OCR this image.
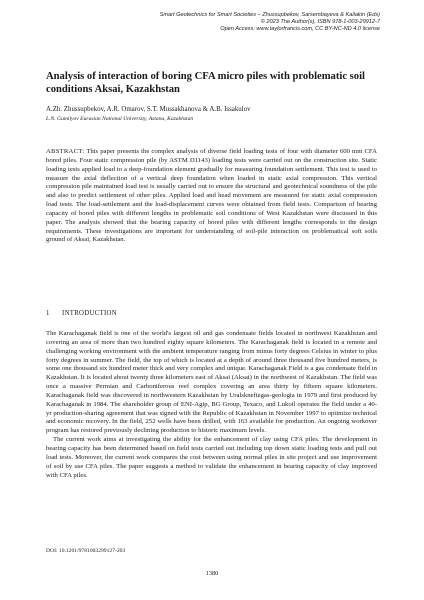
Smart Geotechnics for Smart Societies – Zhussupbekov, Sarsembayeva & Kaliakin (Eds)
© 2023 The Author(s), ISBN 978-1-003-29912-7
Open Access: www.taylorfrancis.com, CC BY-NC-ND 4.0 license
Analysis of interaction of boring CFA micro piles with problematic soil conditions Aksai, Kazakhstan
A.Zh. Zhussupbekov, A.R. Omarov, S.T. Mussakhanova & A.B. Issakulov
L.N. Gumilyov Eurasian National University, Astana, Kazakhstan

ABSTRACT: This paper presents the complex analysis of diverse field loading tests of four with diameter 600 mm CFA bored piles. Four static compression pile (by ASTM D1143) loading tests were carried out on the construction site. Static loading tests applied load to a deep-foundation element gradually for measuring foundation settlement. This test is used to measure the axial deflection of a vertical deep foundation when loaded in static axial compression. This vertical compression pile maintained load test is usually carried out to ensure the structural and geotechnical soundness of the pile and also to predict settlement of other piles. Applied load and head movement are measured for static axial compression load tests. The load-settlement and the load-displacement curves were obtained from field tests. Comparison of bearing capacity of bored piles with different lengths in problematic soil conditions of West Kazakhstan were discussed in this paper. The analysis showed that the bearing capacity of bored piles with different lengths corresponds to the design requirements. These investigations are important for understanding of soil-pile interaction on problematical soft soils ground of Aksai, Kazakhstan.

1 INTRODUCTION

The Karachaganak field is one of the world's largest oil and gas condensate fields located in northwest Kazakhstan and covering an area of more than two hundred eighty square kilometers. The Karachaganak field is located in a remote and challenging working environment with the ambient temperature ranging from minus forty degrees Celsius in winter to plus forty degrees in summer. The field, the top of which is located at a depth of around three thousand five hundred meters, is some one thousand six hundred meter thick and very complex and unique. Karachaganak Field is a gas condensate field in Kazakhstan. It is located about twenty three kilometers east of Aksai (Aksai) in the northwest of Kazakhstan. The field was once a massive Permian and Carboniferous reef complex covering an area thirty by fifteen square kilometers. Karachaganak field was discovered in northwestern Kazakhstan by Uralskneftegas-geologia in 1979 and first produced by Karachaganak in 1984. The shareholder group of ENI-Agip, BG Group, Texaco, and Lukoil operates the field under a 40-yr production-sharing agreement that was signed with the Republic of Kazakhstan in November 1997 to optimize technical and economic recovery. In the field, 252 wells have been drilled, with 163 available for production. An ongoing workover program has restored previously declining production to historic maximum levels.

The current work aims at investigating the ability for the enhancement of clay using CFA piles. The development in bearing capacity has been determined based on field tests carried out including top down static loading tests and pull out load tests. Moreover, the current work compares the cost between using normal piles in site project and use improvement of soil by use CFA piles. The paper suggests a method to validate the enhancement in bearing capacity of clay improved with CFA piles.

DOI: 10.1201/9781003299127-203
1380
